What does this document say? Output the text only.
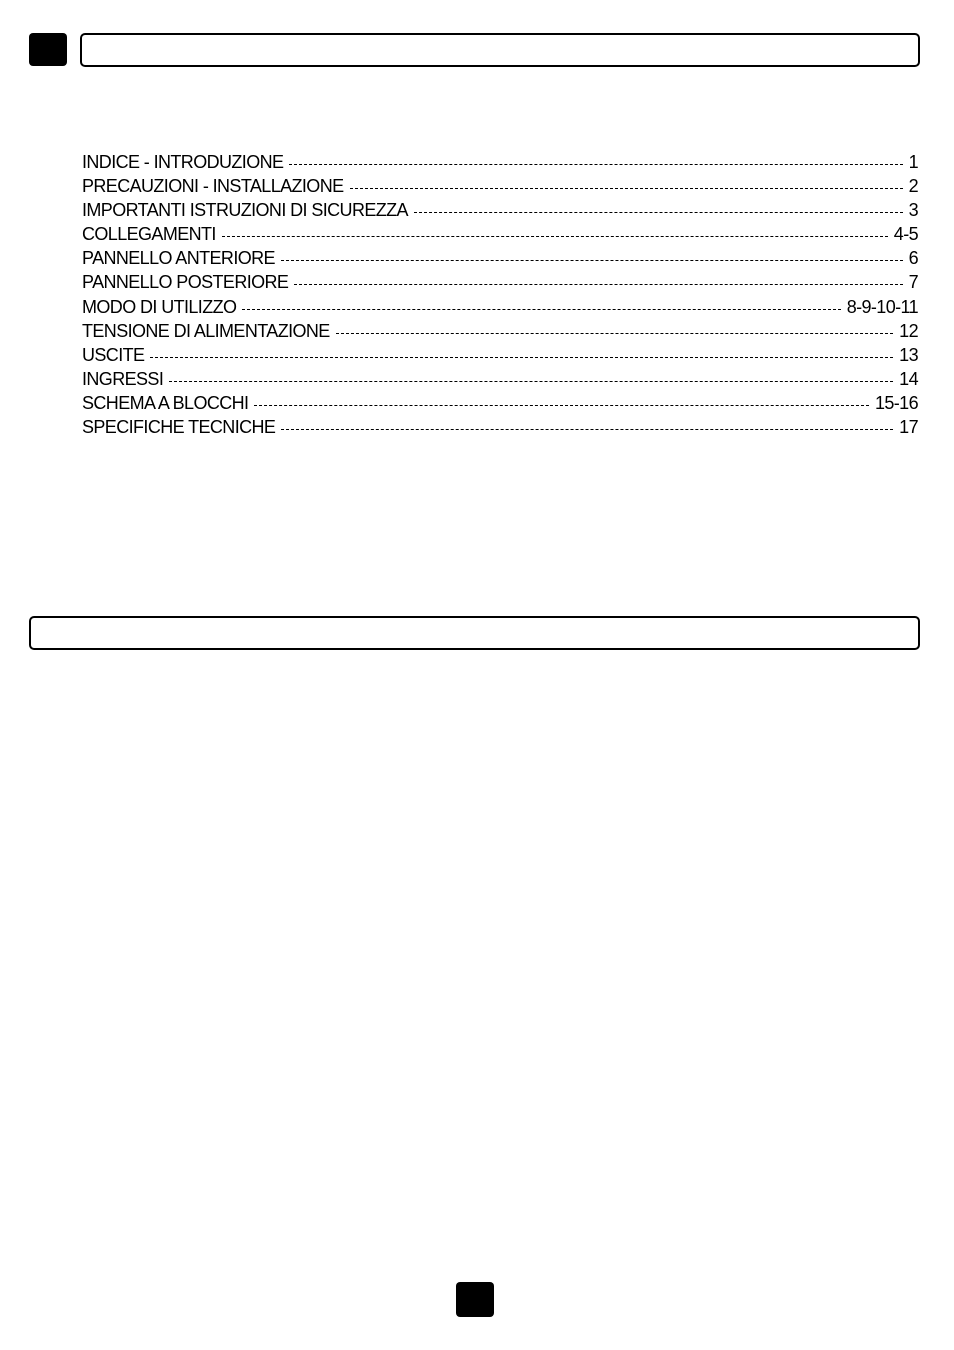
INDICE - INTRODUZIONE	1
PRECAUZIONI - INSTALLAZIONE	2
IMPORTANTI ISTRUZIONI DI SICUREZZA	3
COLLEGAMENTI	4-5
PANNELLO ANTERIORE	6
PANNELLO POSTERIORE	7
MODO DI UTILIZZO	8-9-10-11
TENSIONE DI ALIMENTAZIONE	12
USCITE	13
INGRESSI	14
SCHEMA A BLOCCHI	15-16
SPECIFICHE TECNICHE	17
